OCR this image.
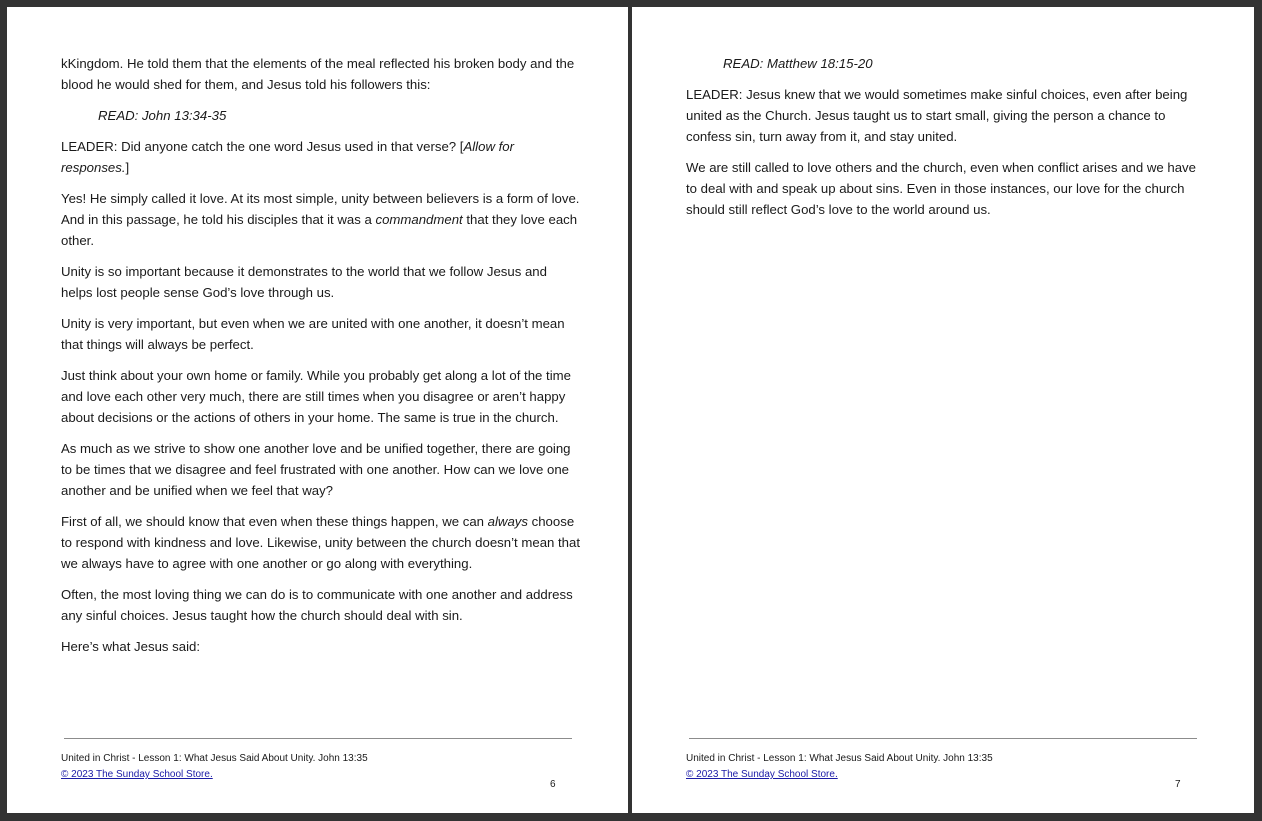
kKingdom. He told them that the elements of the meal reflected his broken body and the blood he would shed for them, and Jesus told his followers this:

READ: John 13:34-35

LEADER: Did anyone catch the one word Jesus used in that verse? [Allow for responses.]

Yes! He simply called it love. At its most simple, unity between believers is a form of love. And in this passage, he told his disciples that it was a commandment that they love each other.

Unity is so important because it demonstrates to the world that we follow Jesus and helps lost people sense God’s love through us.

Unity is very important, but even when we are united with one another, it doesn’t mean that things will always be perfect.

Just think about your own home or family. While you probably get along a lot of the time and love each other very much, there are still times when you disagree or aren’t happy about decisions or the actions of others in your home. The same is true in the church.

As much as we strive to show one another love and be unified together, there are going to be times that we disagree and feel frustrated with one another. How can we love one another and be unified when we feel that way?

First of all, we should know that even when these things happen, we can always choose to respond with kindness and love. Likewise, unity between the church doesn’t mean that we always have to agree with one another or go along with everything.

Often, the most loving thing we can do is to communicate with one another and address any sinful choices. Jesus taught how the church should deal with sin.

Here’s what Jesus said:

United in Christ - Lesson 1: What Jesus Said About Unity. John 13:35
© 2023 The Sunday School Store.
6

READ: Matthew 18:15-20

LEADER: Jesus knew that we would sometimes make sinful choices, even after being united as the Church. Jesus taught us to start small, giving the person a chance to confess sin, turn away from it, and stay united.

We are still called to love others and the church, even when conflict arises and we have to deal with and speak up about sins. Even in those instances, our love for the church should still reflect God’s love to the world around us.

United in Christ - Lesson 1: What Jesus Said About Unity. John 13:35
© 2023 The Sunday School Store.
7
